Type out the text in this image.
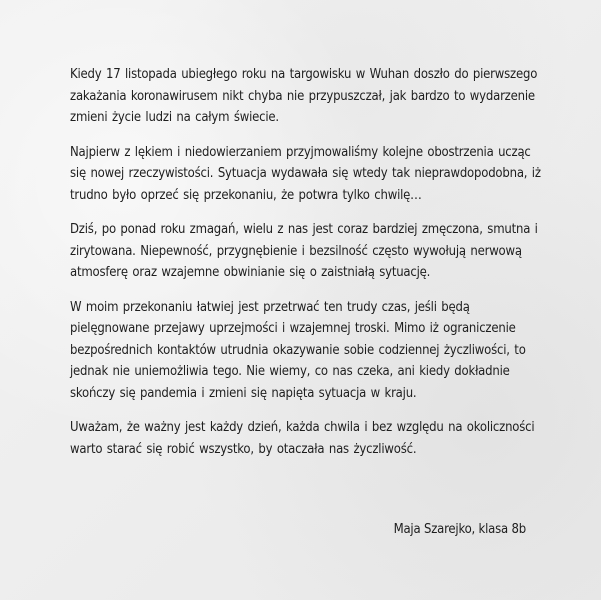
Kiedy 17 listopada ubiegłego roku na targowisku w Wuhan doszło do pierwszego zakażania koronawirusem nikt chyba nie przypuszczał, jak bardzo to wydarzenie zmieni życie ludzi na całym świecie.

Najpierw z lękiem i niedowierzaniem przyjmowaliśmy kolejne obostrzenia ucząc się nowej rzeczywistości. Sytuacja wydawała się wtedy tak nieprawdopodobna, iż trudno było oprzeć się przekonaniu, że potwra tylko chwilę…

Dziś, po ponad roku zmagań, wielu z nas jest coraz bardziej zmęczona, smutna i zirytowana. Niepewność, przygnębienie i bezsilność często wywołują nerwową atmosferę oraz wzajemne obwinianie się o zaistniałą sytuację.

W moim przekonaniu łatwiej jest przetrwać ten trudy czas, jeśli będą pielęgnowane przejawy uprzejmości i wzajemnej troski. Mimo iż ograniczenie bezpośrednich kontaktów utrudnia okazywanie sobie codziennej życzliwości, to jednak nie uniemożliwia tego. Nie wiemy, co nas czeka, ani kiedy dokładnie skończy się pandemia i zmieni się napięta sytuacja w kraju.

Uważam, że ważny jest każdy dzień, każda chwila i bez względu na okoliczności warto starać się robić wszystko, by otaczała nas życzliwość.

Maja Szarejko, klasa 8b
